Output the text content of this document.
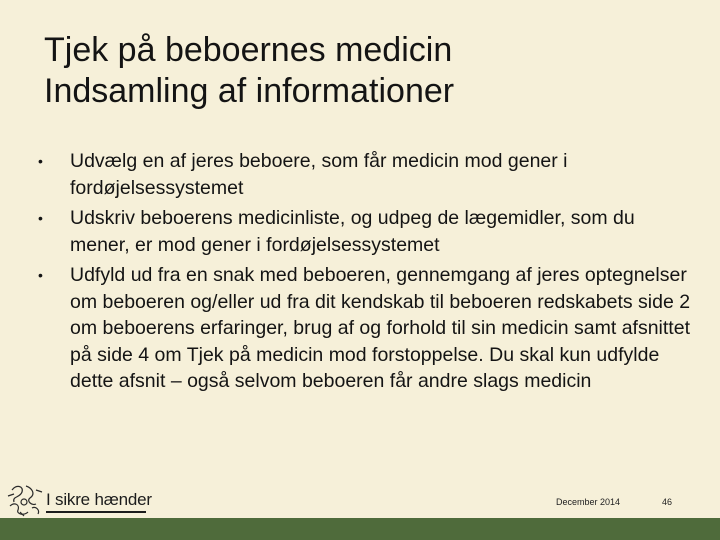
Tjek på beboernes medicin
Indsamling af informationer
• Udvælg en af jeres beboere, som får medicin mod gener i fordøjelsessystemet
• Udskriv beboerens medicinliste, og udpeg de lægemidler, som du mener, er mod gener i fordøjelsessystemet
• Udfyld ud fra en snak med beboeren, gennemgang af jeres optegnelser om beboeren og/eller ud fra dit kendskab til beboeren redskabets side 2 om beboerens erfaringer, brug af og forhold til sin medicin samt afsnittet på side 4 om Tjek på medicin mod forstoppelse. Du skal kun udfylde dette afsnit – også selvom beboeren får andre slags medicin
I sikre hænder	December 2014	46
